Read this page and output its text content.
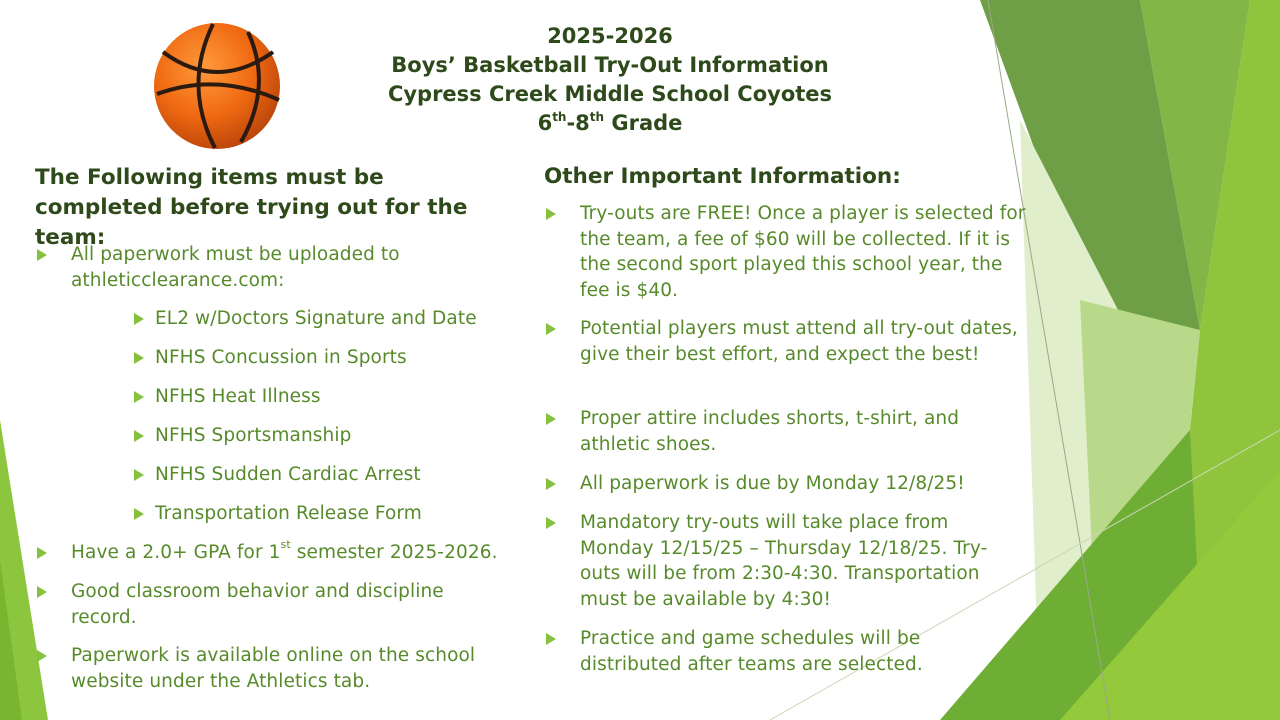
2025-2026
Boys’ Basketball Try-Out Information
Cypress Creek Middle School Coyotes
6th-8th Grade
The Following items must be completed before trying out for the team:
Other Important Information:
All paperwork must be uploaded to athleticclearance.com:
EL2 w/Doctors Signature and Date
NFHS Concussion in Sports
NFHS Heat Illness
NFHS Sportsmanship
NFHS Sudden Cardiac Arrest
Transportation Release Form
Have a 2.0+ GPA for 1st semester 2025-2026.
Good classroom behavior and discipline record.
Paperwork is available online on the school website under the Athletics tab.
Try-outs are FREE! Once a player is selected for the team, a fee of $60 will be collected. If it is the second sport played this school year, the fee is $40.
Potential players must attend all try-out dates, give their best effort, and expect the best!
Proper attire includes shorts, t-shirt, and athletic shoes.
All paperwork is due by Monday 12/8/25!
Mandatory try-outs will take place from Monday 12/15/25 – Thursday 12/18/25. Try-outs will be from 2:30-4:30. Transportation must be available by 4:30!
Practice and game schedules will be distributed after teams are selected.
